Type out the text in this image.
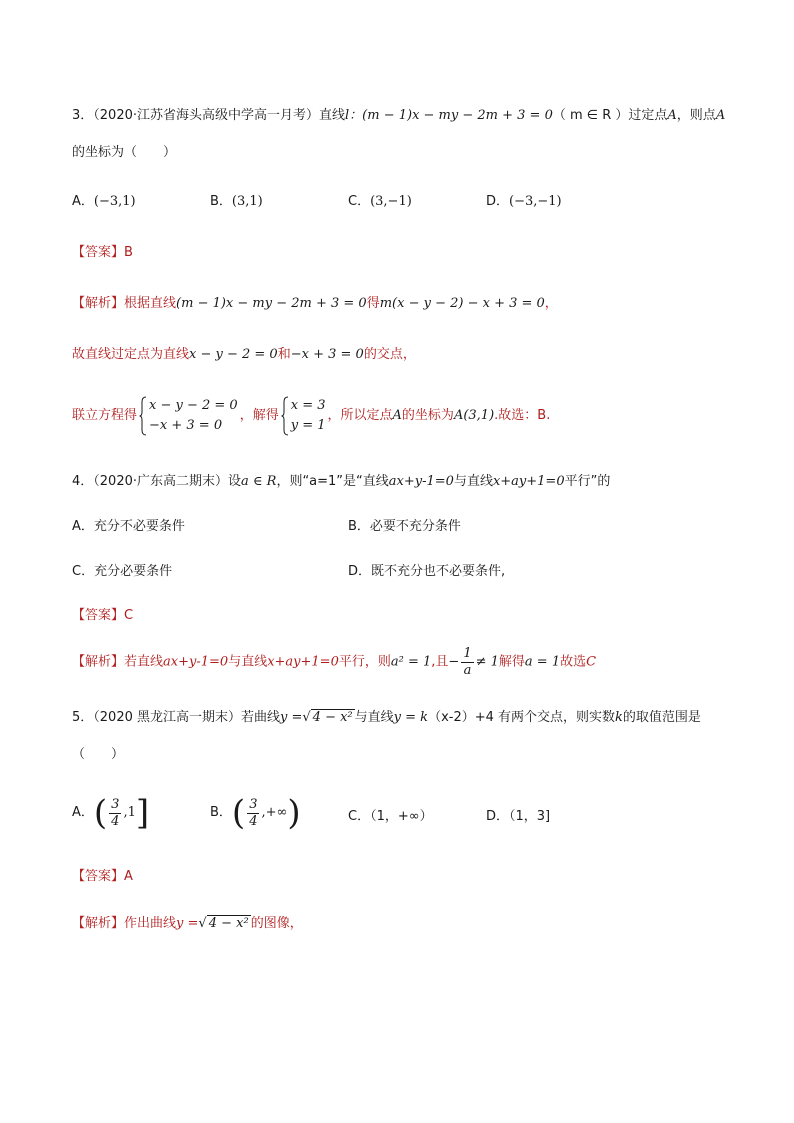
3．（2020·江苏省海头高级中学高一月考）直线l：(m − 1)x − my − 2m + 3 = 0（ m ∈ R ）过定点A，则点A
的坐标为（　　）
A．(−3,1)	B．(3,1)	C．(3,−1)	D．(−3,−1)
【答案】B
【解析】根据直线(m − 1)x − my − 2m + 3 = 0得m(x − y − 2) − x + 3 = 0，
故直线过定点为直线x − y − 2 = 0和−x + 3 = 0的交点，
联立方程得
x − y − 2 = 0
−x + 3 = 0
，解得
x = 3
y = 1
，所以定点A的坐标为A(3,1).故选：B.
4．（2020·广东高二期末）设a ∈ R，则“a=1”是“直线ax+y-1=0与直线x+ay+1=0平行”的
A．充分不必要条件	B．必要不充分条件
C．充分必要条件	D．既不充分也不必要条件,
【答案】C
【解析】若直线ax+y-1=0与直线x+ay+1=0平行，则a² = 1,且− $\frac{1}{a} \ne 1$解得a = 1故选C
5．（2020 黑龙江高一期末）若曲线y =√ 4 − x² 与直线y = k（x-2）+4 有两个交点，则实数k的取值范围是
（　　）
A．( $\frac{3}{4} ,1$]	B．( $\frac{3}{4}$ ,+∞)	C．（1，+∞）	D．（1，3]
【答案】A
【解析】作出曲线y =√ 4 − x² 的图像，
